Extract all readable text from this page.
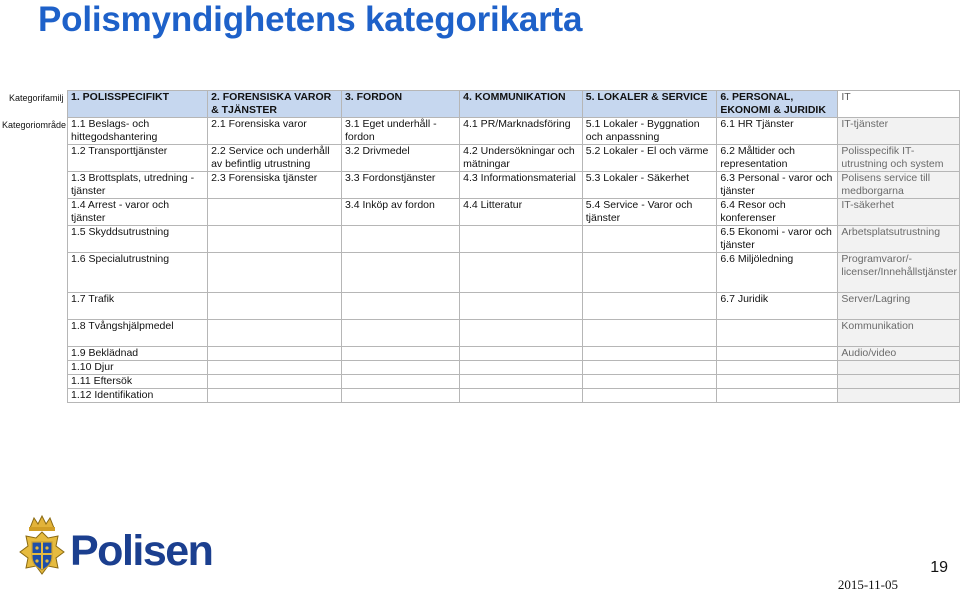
Polismyndighetens kategorikarta
Kategorifamilj
Kategoriområde
1. POLISSPECIFIKT	2. FORENSISKA VAROR & TJÄNSTER	3. FORDON	4. KOMMUNIKATION	5. LOKALER & SERVICE	6. PERSONAL, EKONOMI & JURIDIK	IT
1.1 Beslags- och hittegodshantering	2.1 Forensiska varor	3.1 Eget underhåll - fordon	4.1 PR/Marknadsföring	5.1 Lokaler - Byggnation och anpassning	6.1 HR Tjänster	IT-tjänster
1.2 Transporttjänster	2.2 Service och underhåll av befintlig utrustning	3.2 Drivmedel	4.2 Undersökningar och mätningar	5.2 Lokaler - El och värme	6.2 Måltider och representation	Polisspecifik IT-utrustning och system
1.3 Brottsplats, utredning - tjänster	2.3 Forensiska tjänster	3.3 Fordonstjänster	4.3 Informationsmaterial	5.3 Lokaler - Säkerhet	6.3 Personal - varor och tjänster	Polisens service till medborgarna
1.4 Arrest - varor och tjänster		3.4 Inköp av fordon	4.4 Litteratur	5.4 Service - Varor och tjänster	6.4 Resor och konferenser	IT-säkerhet
1.5 Skyddsutrustning					6.5 Ekonomi - varor och tjänster	Arbetsplatsutrustning
1.6 Specialutrustning					6.6 Miljöledning	Programvaror/-licenser/Innehållstjänster
1.7 Trafik					6.7 Juridik	Server/Lagring
1.8 Tvångshjälpmedel						Kommunikation
1.9 Beklädnad						Audio/video
1.10 Djur						
1.11 Eftersök						
1.12 Identifikation						
Polisen	19
2015-11-05
